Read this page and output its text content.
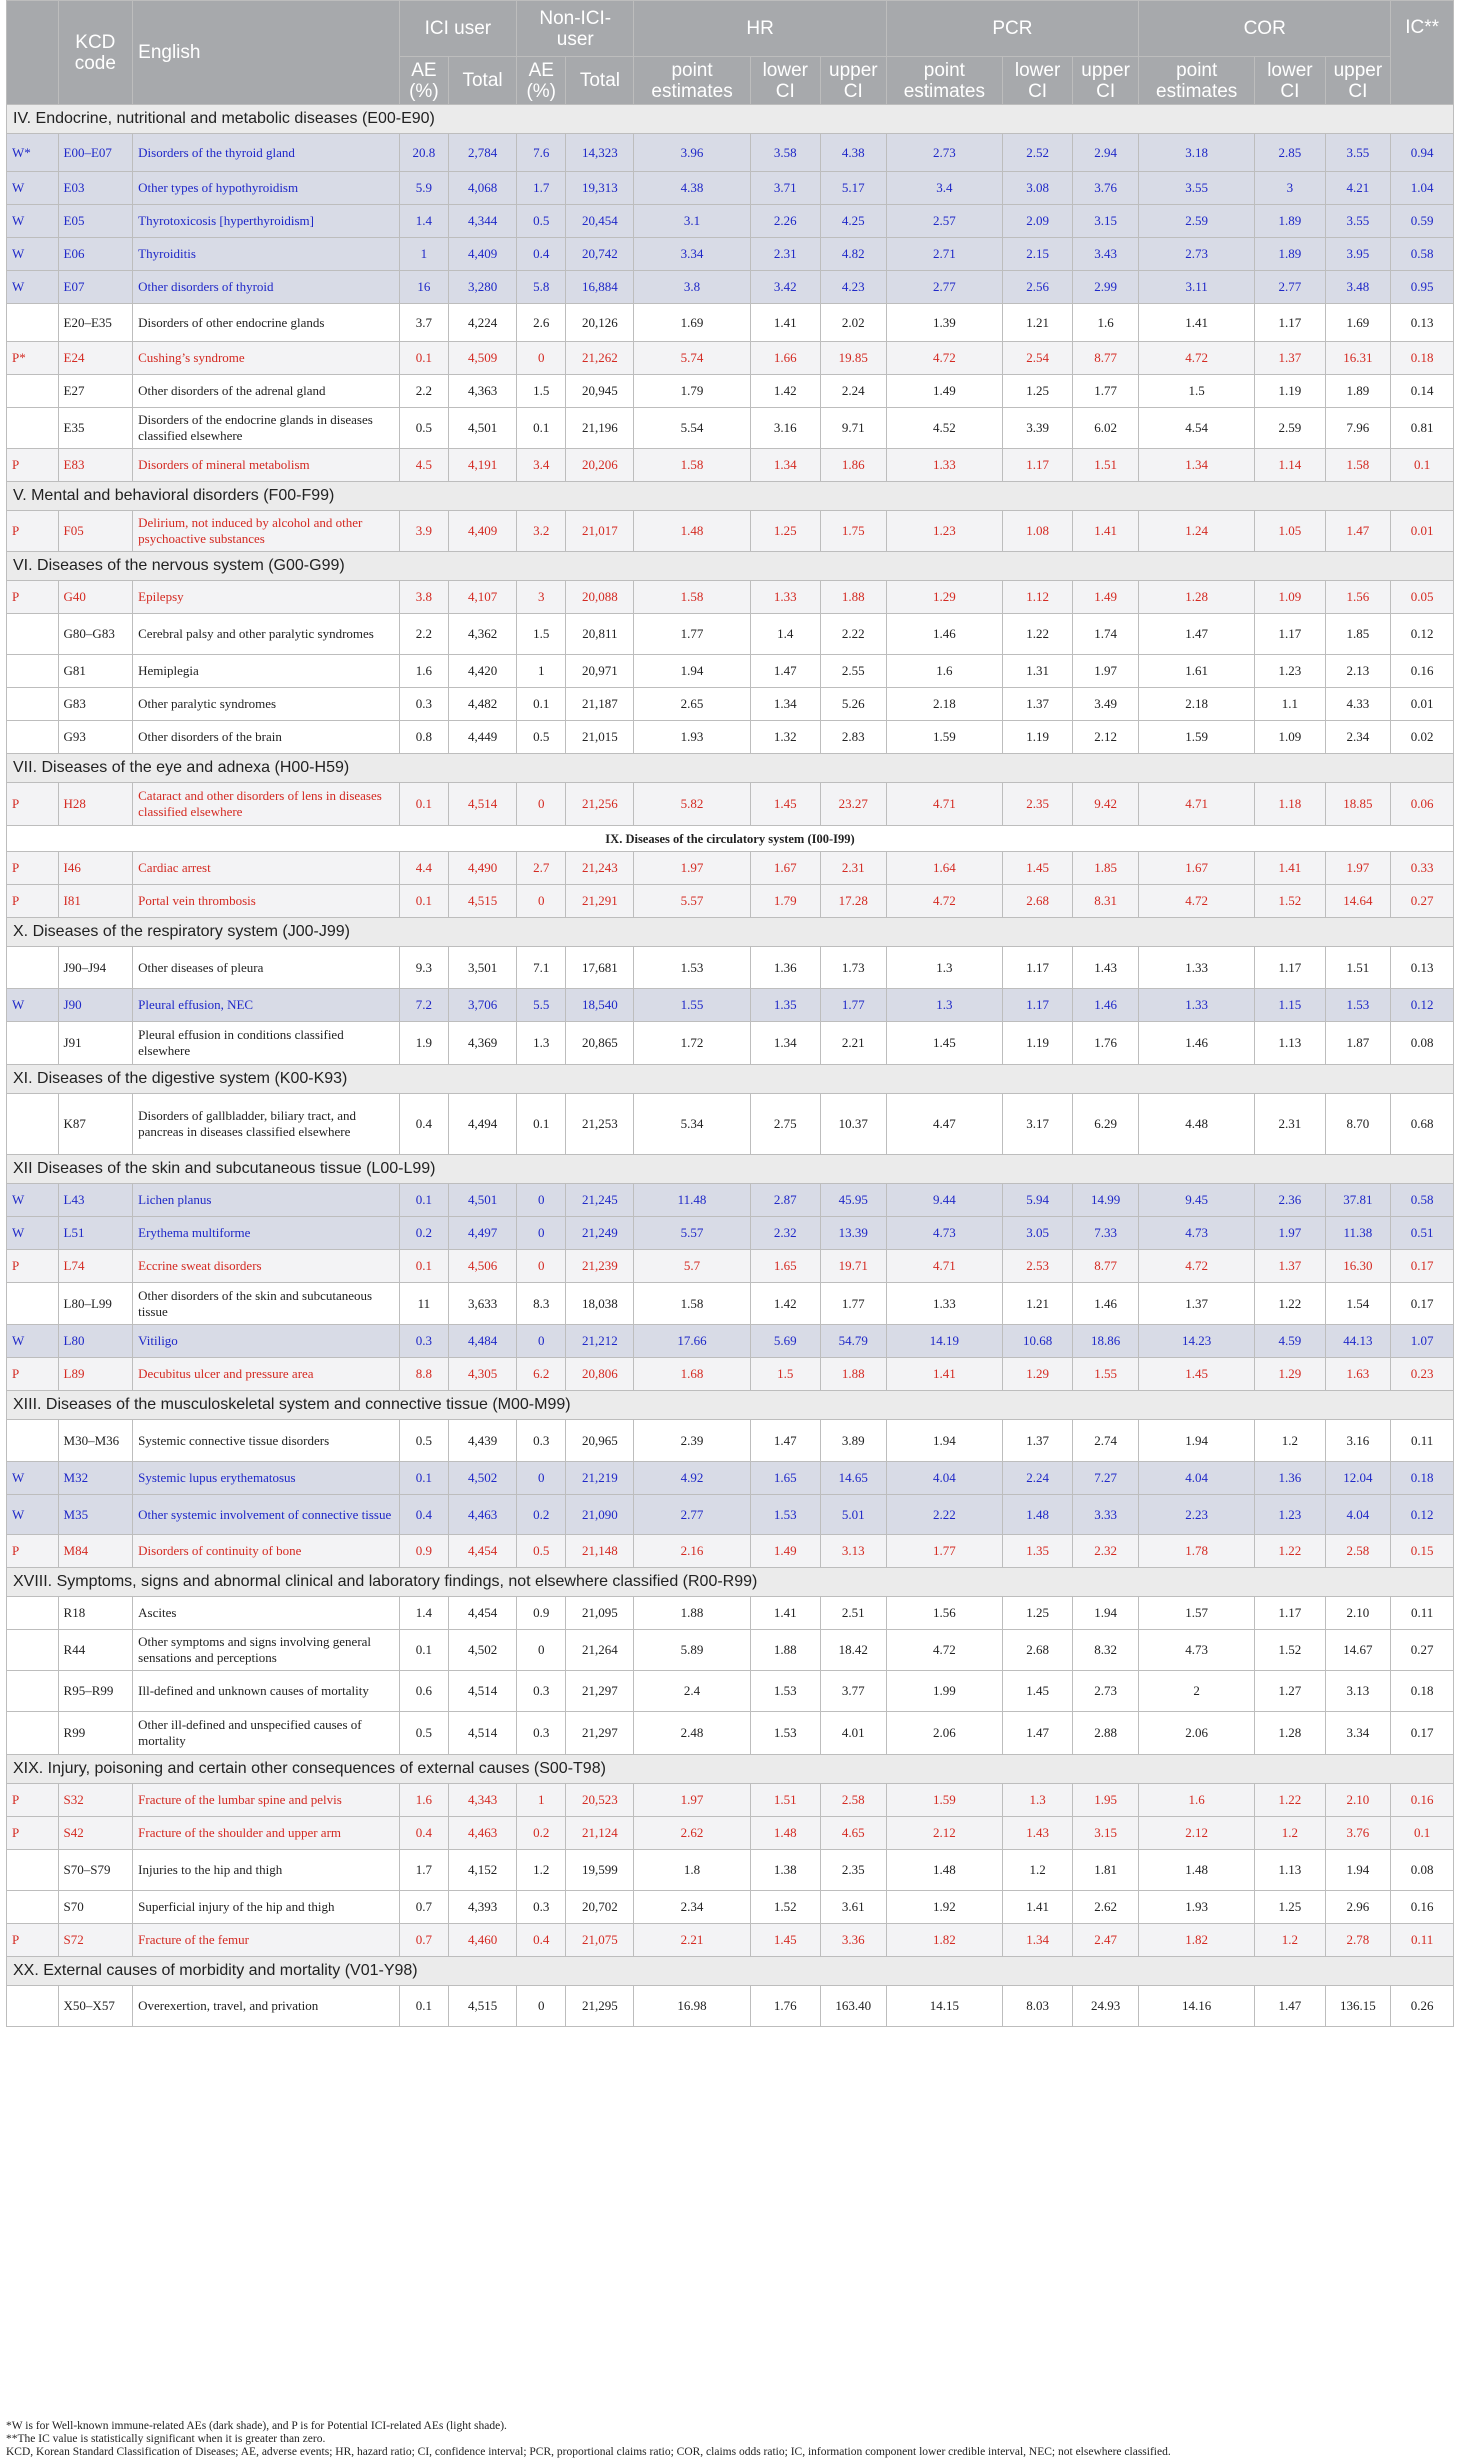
	KCD code	English	ICI user		Non-ICI-user		HR			PCR			COR			IC**
			AE (%)	Total	AE (%)	Total	point estimates	lower CI	upper CI	point estimates	lower CI	upper CI	point estimates	lower CI	upper CI	
IV. Endocrine, nutritional and metabolic diseases (E00-E90)																
W*	E00–E07	Disorders of the thyroid gland	20.8	2,784	7.6	14,323	3.96	3.58	4.38	2.73	2.52	2.94	3.18	2.85	3.55	0.94
W	E03	Other types of hypothyroidism	5.9	4,068	1.7	19,313	4.38	3.71	5.17	3.4	3.08	3.76	3.55	3	4.21	1.04
W	E05	Thyrotoxicosis [hyperthyroidism]	1.4	4,344	0.5	20,454	3.1	2.26	4.25	2.57	2.09	3.15	2.59	1.89	3.55	0.59
W	E06	Thyroiditis	1	4,409	0.4	20,742	3.34	2.31	4.82	2.71	2.15	3.43	2.73	1.89	3.95	0.58
W	E07	Other disorders of thyroid	16	3,280	5.8	16,884	3.8	3.42	4.23	2.77	2.56	2.99	3.11	2.77	3.48	0.95
	E20–E35	Disorders of other endocrine glands	3.7	4,224	2.6	20,126	1.69	1.41	2.02	1.39	1.21	1.6	1.41	1.17	1.69	0.13
P*	E24	Cushing’s syndrome	0.1	4,509	0	21,262	5.74	1.66	19.85	4.72	2.54	8.77	4.72	1.37	16.31	0.18
	E27	Other disorders of the adrenal gland	2.2	4,363	1.5	20,945	1.79	1.42	2.24	1.49	1.25	1.77	1.5	1.19	1.89	0.14
	E35	Disorders of the endocrine glands in diseases classified elsewhere	0.5	4,501	0.1	21,196	5.54	3.16	9.71	4.52	3.39	6.02	4.54	2.59	7.96	0.81
P	E83	Disorders of mineral metabolism	4.5	4,191	3.4	20,206	1.58	1.34	1.86	1.33	1.17	1.51	1.34	1.14	1.58	0.1
V. Mental and behavioral disorders (F00-F99)																
P	F05	Delirium, not induced by alcohol and other psychoactive substances	3.9	4,409	3.2	21,017	1.48	1.25	1.75	1.23	1.08	1.41	1.24	1.05	1.47	0.01
VI. Diseases of the nervous system (G00-G99)																
P	G40	Epilepsy	3.8	4,107	3	20,088	1.58	1.33	1.88	1.29	1.12	1.49	1.28	1.09	1.56	0.05
	G80–G83	Cerebral palsy and other paralytic syndromes	2.2	4,362	1.5	20,811	1.77	1.4	2.22	1.46	1.22	1.74	1.47	1.17	1.85	0.12
	G81	Hemiplegia	1.6	4,420	1	20,971	1.94	1.47	2.55	1.6	1.31	1.97	1.61	1.23	2.13	0.16
	G83	Other paralytic syndromes	0.3	4,482	0.1	21,187	2.65	1.34	5.26	2.18	1.37	3.49	2.18	1.1	4.33	0.01
	G93	Other disorders of the brain	0.8	4,449	0.5	21,015	1.93	1.32	2.83	1.59	1.19	2.12	1.59	1.09	2.34	0.02
VII. Diseases of the eye and adnexa (H00-H59)																
P	H28	Cataract and other disorders of lens in diseases classified elsewhere	0.1	4,514	0	21,256	5.82	1.45	23.27	4.71	2.35	9.42	4.71	1.18	18.85	0.06
IX. Diseases of the circulatory system (I00-I99)																
P	I46	Cardiac arrest	4.4	4,490	2.7	21,243	1.97	1.67	2.31	1.64	1.45	1.85	1.67	1.41	1.97	0.33
P	I81	Portal vein thrombosis	0.1	4,515	0	21,291	5.57	1.79	17.28	4.72	2.68	8.31	4.72	1.52	14.64	0.27
X. Diseases of the respiratory system (J00-J99)																
	J90–J94	Other diseases of pleura	9.3	3,501	7.1	17,681	1.53	1.36	1.73	1.3	1.17	1.43	1.33	1.17	1.51	0.13
W	J90	Pleural effusion, NEC	7.2	3,706	5.5	18,540	1.55	1.35	1.77	1.3	1.17	1.46	1.33	1.15	1.53	0.12
	J91	Pleural effusion in conditions classified elsewhere	1.9	4,369	1.3	20,865	1.72	1.34	2.21	1.45	1.19	1.76	1.46	1.13	1.87	0.08
XI. Diseases of the digestive system (K00-K93)																
	K87	Disorders of gallbladder, biliary tract, and pancreas in diseases classified elsewhere	0.4	4,494	0.1	21,253	5.34	2.75	10.37	4.47	3.17	6.29	4.48	2.31	8.70	0.68
XII Diseases of the skin and subcutaneous tissue (L00-L99)																
W	L43	Lichen planus	0.1	4,501	0	21,245	11.48	2.87	45.95	9.44	5.94	14.99	9.45	2.36	37.81	0.58
W	L51	Erythema multiforme	0.2	4,497	0	21,249	5.57	2.32	13.39	4.73	3.05	7.33	4.73	1.97	11.38	0.51
P	L74	Eccrine sweat disorders	0.1	4,506	0	21,239	5.7	1.65	19.71	4.71	2.53	8.77	4.72	1.37	16.30	0.17
	L80–L99	Other disorders of the skin and subcutaneous tissue	11	3,633	8.3	18,038	1.58	1.42	1.77	1.33	1.21	1.46	1.37	1.22	1.54	0.17
W	L80	Vitiligo	0.3	4,484	0	21,212	17.66	5.69	54.79	14.19	10.68	18.86	14.23	4.59	44.13	1.07
P	L89	Decubitus ulcer and pressure area	8.8	4,305	6.2	20,806	1.68	1.5	1.88	1.41	1.29	1.55	1.45	1.29	1.63	0.23
XIII. Diseases of the musculoskeletal system and connective tissue (M00-M99)																
	M30–M36	Systemic connective tissue disorders	0.5	4,439	0.3	20,965	2.39	1.47	3.89	1.94	1.37	2.74	1.94	1.2	3.16	0.11
W	M32	Systemic lupus erythematosus	0.1	4,502	0	21,219	4.92	1.65	14.65	4.04	2.24	7.27	4.04	1.36	12.04	0.18
W	M35	Other systemic involvement of connective tissue	0.4	4,463	0.2	21,090	2.77	1.53	5.01	2.22	1.48	3.33	2.23	1.23	4.04	0.12
P	M84	Disorders of continuity of bone	0.9	4,454	0.5	21,148	2.16	1.49	3.13	1.77	1.35	2.32	1.78	1.22	2.58	0.15
XVIII. Symptoms, signs and abnormal clinical and laboratory findings, not elsewhere classified (R00-R99)																
	R18	Ascites	1.4	4,454	0.9	21,095	1.88	1.41	2.51	1.56	1.25	1.94	1.57	1.17	2.10	0.11
	R44	Other symptoms and signs involving general sensations and perceptions	0.1	4,502	0	21,264	5.89	1.88	18.42	4.72	2.68	8.32	4.73	1.52	14.67	0.27
	R95–R99	Ill-defined and unknown causes of mortality	0.6	4,514	0.3	21,297	2.4	1.53	3.77	1.99	1.45	2.73	2	1.27	3.13	0.18
	R99	Other ill-defined and unspecified causes of mortality	0.5	4,514	0.3	21,297	2.48	1.53	4.01	2.06	1.47	2.88	2.06	1.28	3.34	0.17
XIX. Injury, poisoning and certain other consequences of external causes (S00-T98)																
P	S32	Fracture of the lumbar spine and pelvis	1.6	4,343	1	20,523	1.97	1.51	2.58	1.59	1.3	1.95	1.6	1.22	2.10	0.16
P	S42	Fracture of the shoulder and upper arm	0.4	4,463	0.2	21,124	2.62	1.48	4.65	2.12	1.43	3.15	2.12	1.2	3.76	0.1
	S70–S79	Injuries to the hip and thigh	1.7	4,152	1.2	19,599	1.8	1.38	2.35	1.48	1.2	1.81	1.48	1.13	1.94	0.08
	S70	Superficial injury of the hip and thigh	0.7	4,393	0.3	20,702	2.34	1.52	3.61	1.92	1.41	2.62	1.93	1.25	2.96	0.16
P	S72	Fracture of the femur	0.7	4,460	0.4	21,075	2.21	1.45	3.36	1.82	1.34	2.47	1.82	1.2	2.78	0.11
XX. External causes of morbidity and mortality (V01-Y98)																
	X50–X57	Overexertion, travel, and privation	0.1	4,515	0	21,295	16.98	1.76	163.40	14.15	8.03	24.93	14.16	1.47	136.15	0.26
*W is for Well-known immune-related AEs (dark shade), and P is for Potential ICI-related AEs (light shade).
**The IC value is statistically significant when it is greater than zero.
KCD, Korean Standard Classification of Diseases; AE, adverse events; HR, hazard ratio; CI, confidence interval; PCR, proportional claims ratio; COR, claims odds ratio; IC, information component lower credible interval, NEC; not elsewhere classified.
